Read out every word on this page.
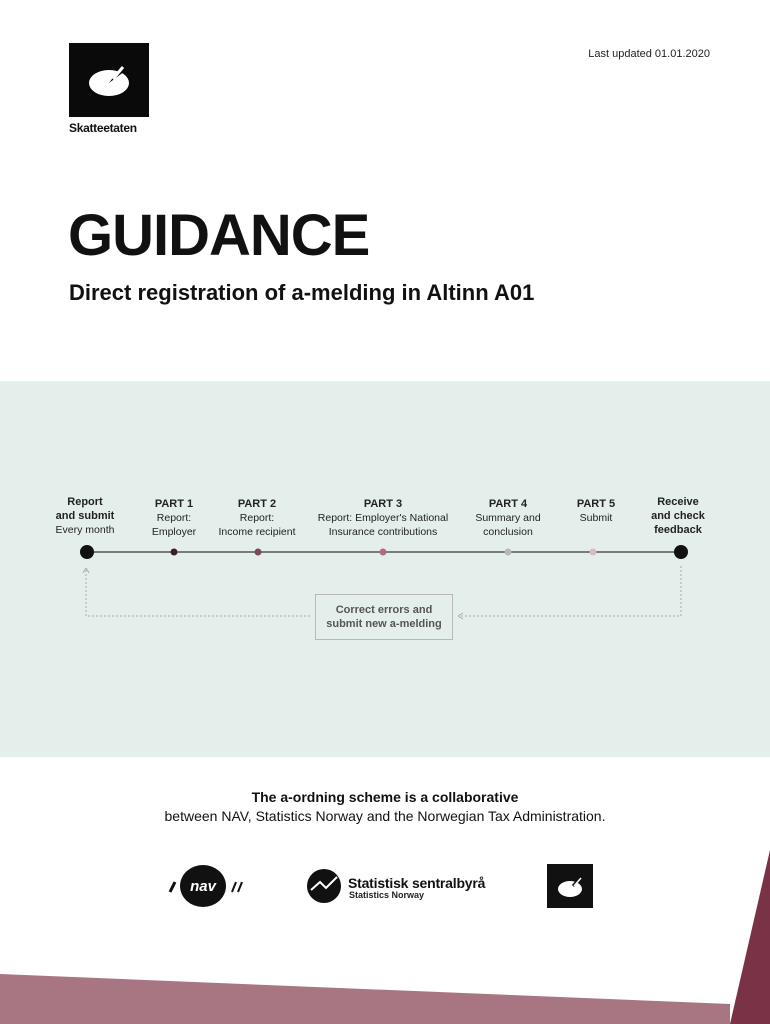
Skatteetaten
Last updated 01.01.2020
GUIDANCE
Direct registration of a-melding in Altinn A01
Report
and submit
Every month
PART 1
Report:
Employer
PART 2
Report:
Income recipient
PART 3
Report: Employer's National
Insurance contributions
PART 4
Summary and
conclusion
PART 5
Submit
Receive
and check
feedback
Correct errors and
submit new a-melding
The a-ordning scheme is a collaborative
between NAV, Statistics Norway and the Norwegian Tax Administration.
nav	Statistisk sentralbyrå
Statistics Norway
